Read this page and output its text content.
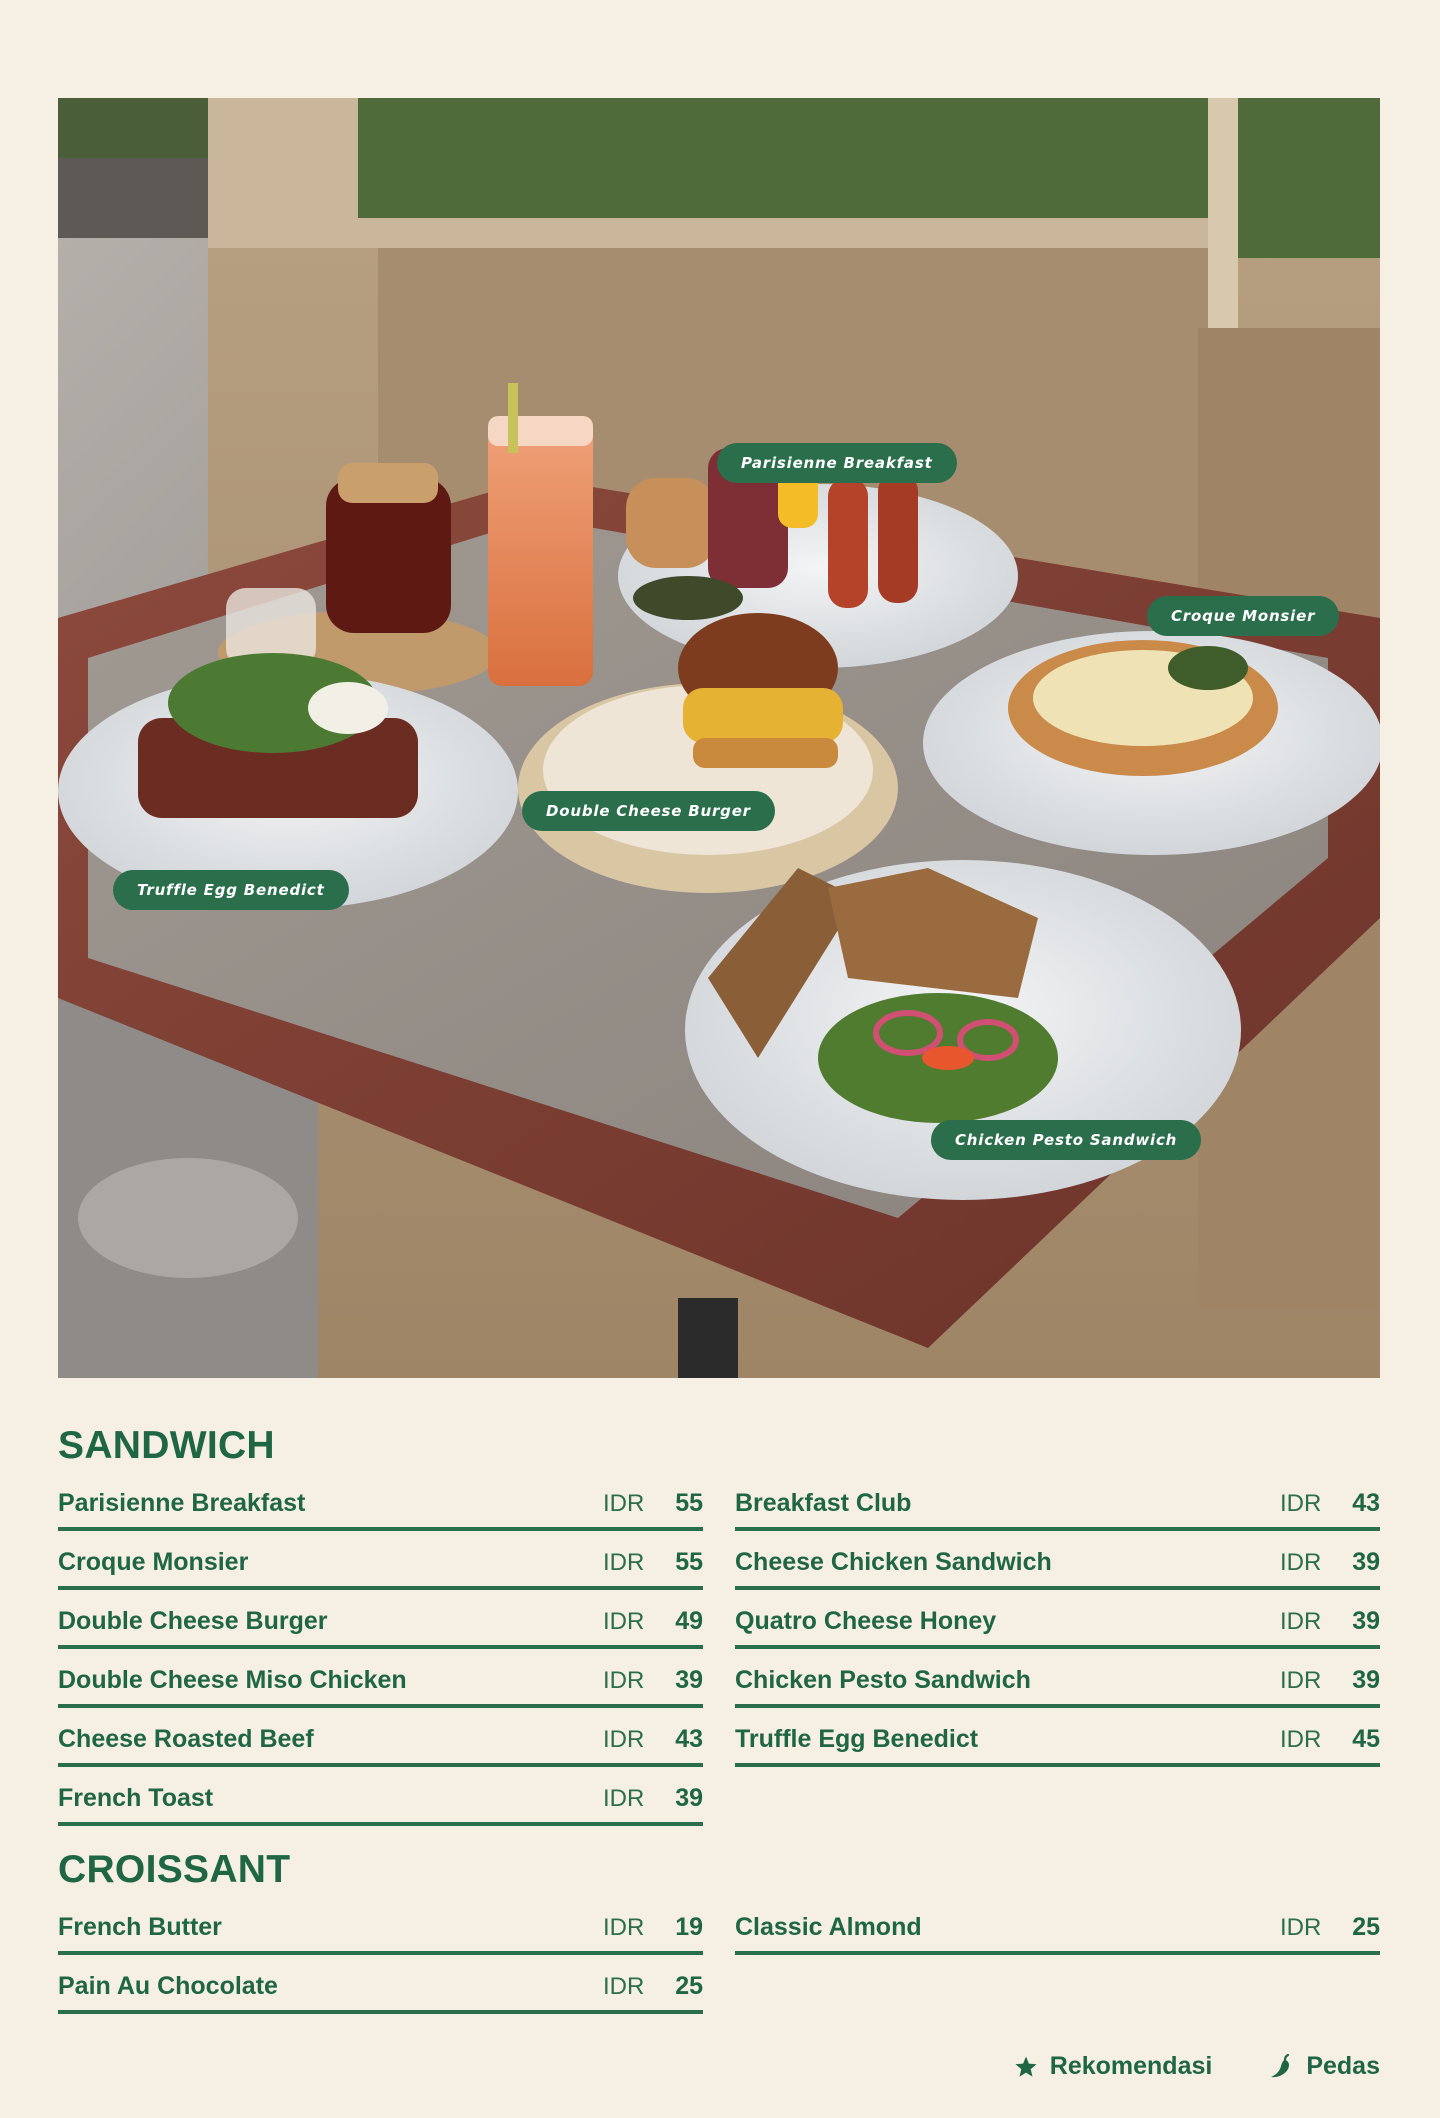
Parisienne Breakfast
Croque Monsier
Double Cheese Burger
Truffle Egg Benedict
Chicken Pesto Sandwich
SANDWICH
Parisienne Breakfast	IDR	55
Croque Monsier	IDR	55
Double Cheese Burger	IDR	49
Double Cheese Miso Chicken	IDR	39
Cheese Roasted Beef	IDR	43
French Toast	IDR	39
Breakfast Club	IDR	43
Cheese Chicken Sandwich	IDR	39
Quatro Cheese Honey	IDR	39
Chicken Pesto Sandwich	IDR	39
Truffle Egg Benedict	IDR	45
CROISSANT
French Butter	IDR	19
Pain Au Chocolate	IDR	25
Classic Almond	IDR	25
Rekomendasi	Pedas
